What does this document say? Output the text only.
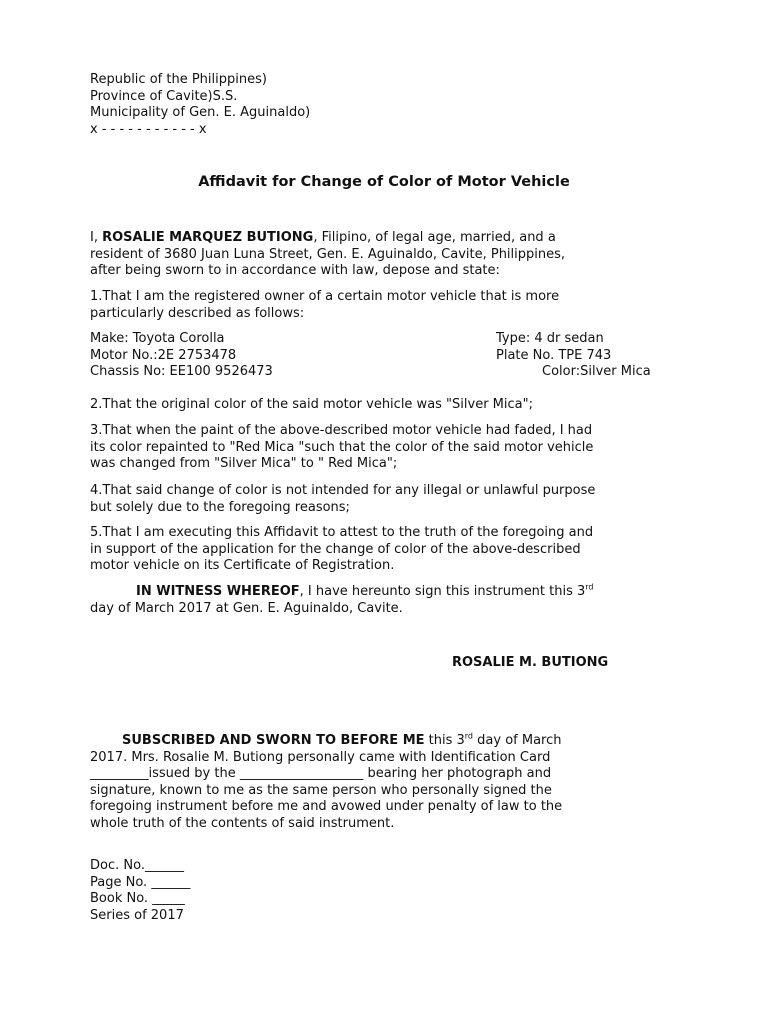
Republic of the Philippines)
Province of Cavite)S.S.
Municipality of Gen. E. Aguinaldo)
x - - - - - - - - - - - x
Affidavit for Change of Color of Motor Vehicle
I, ROSALIE MARQUEZ BUTIONG, Filipino, of legal age, married, and a
resident of 3680 Juan Luna Street, Gen. E. Aguinaldo, Cavite, Philippines,
after being sworn to in accordance with law, depose and state:
1.That I am the registered owner of a certain motor vehicle that is more
particularly described as follows:
Make: Toyota Corolla	Type: 4 dr sedan
Motor No.:2E 2753478	Plate No. TPE 743
Chassis No: EE100 9526473	Color:Silver Mica
2.That the original color of the said motor vehicle was "Silver Mica";
3.That when the paint of the above-described motor vehicle had faded, I had
its color repainted to "Red Mica "such that the color of the said motor vehicle
was changed from "Silver Mica" to " Red Mica";
4.That said change of color is not intended for any illegal or unlawful purpose
but solely due to the foregoing reasons;
5.That I am executing this Affidavit to attest to the truth of the foregoing and
in support of the application for the change of color of the above-described
motor vehicle on its Certificate of Registration.
IN WITNESS WHEREOF, I have hereunto sign this instrument this 3rd
day of March 2017 at Gen. E. Aguinaldo, Cavite.
ROSALIE M. BUTIONG
SUBSCRIBED AND SWORN TO BEFORE ME this 3rd day of March
2017. Mrs. Rosalie M. Butiong personally came with Identification Card
_________issued by the ___________________ bearing her photograph and
signature, known to me as the same person who personally signed the
foregoing instrument before me and avowed under penalty of law to the
whole truth of the contents of said instrument.
Doc. No.______
Page No. ______
Book No. _____
Series of 2017
